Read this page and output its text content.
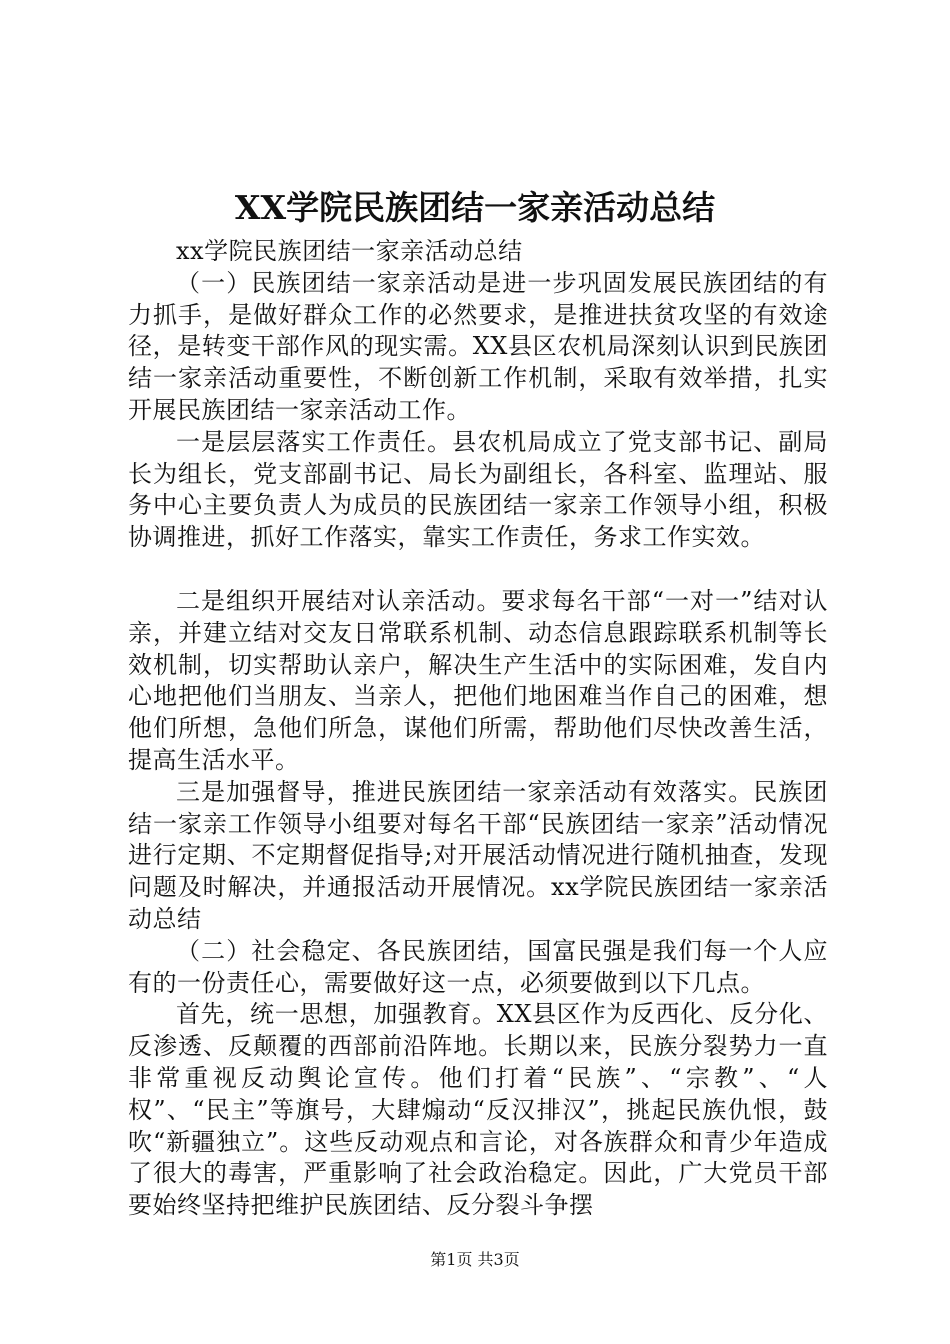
XX学院民族团结一家亲活动总结

xx学院民族团结一家亲活动总结

（一）民族团结一家亲活动是进一步巩固发展民族团结的有力抓手，是做好群众工作的必然要求，是推进扶贫攻坚的有效途径，是转变干部作风的现实需。XX县区农机局深刻认识到民族团结一家亲活动重要性，不断创新工作机制，采取有效举措，扎实开展民族团结一家亲活动工作。

一是层层落实工作责任。县农机局成立了党支部书记、副局长为组长，党支部副书记、局长为副组长，各科室、监理站、服务中心主要负责人为成员的民族团结一家亲工作领导小组，积极协调推进，抓好工作落实，靠实工作责任，务求工作实效。

二是组织开展结对认亲活动。要求每名干部“一对一”结对认亲，并建立结对交友日常联系机制、动态信息跟踪联系机制等长效机制，切实帮助认亲户，解决生产生活中的实际困难，发自内心地把他们当朋友、当亲人，把他们地困难当作自己的困难，想他们所想，急他们所急，谋他们所需，帮助他们尽快改善生活，提高生活水平。

三是加强督导，推进民族团结一家亲活动有效落实。民族团结一家亲工作领导小组要对每名干部“民族团结一家亲”活动情况进行定期、不定期督促指导;对开展活动情况进行随机抽查，发现问题及时解决，并通报活动开展情况。xx学院民族团结一家亲活动总结

（二）社会稳定、各民族团结，国富民强是我们每一个人应有的一份责任心，需要做好这一点，必须要做到以下几点。

首先，统一思想，加强教育。XX县区作为反西化、反分化、反渗透、反颠覆的西部前沿阵地。长期以来，民族分裂势力一直非常重视反动舆论宣传。他们打着“民族”、“宗教”、“人权”、“民主”等旗号，大肆煽动“反汉排汉”，挑起民族仇恨，鼓吹“新疆独立”。这些反动观点和言论，对各族群众和青少年造成了很大的毒害，严重影响了社会政治稳定。因此，广大党员干部要始终坚持把维护民族团结、反分裂斗争摆

第1页 共3页
